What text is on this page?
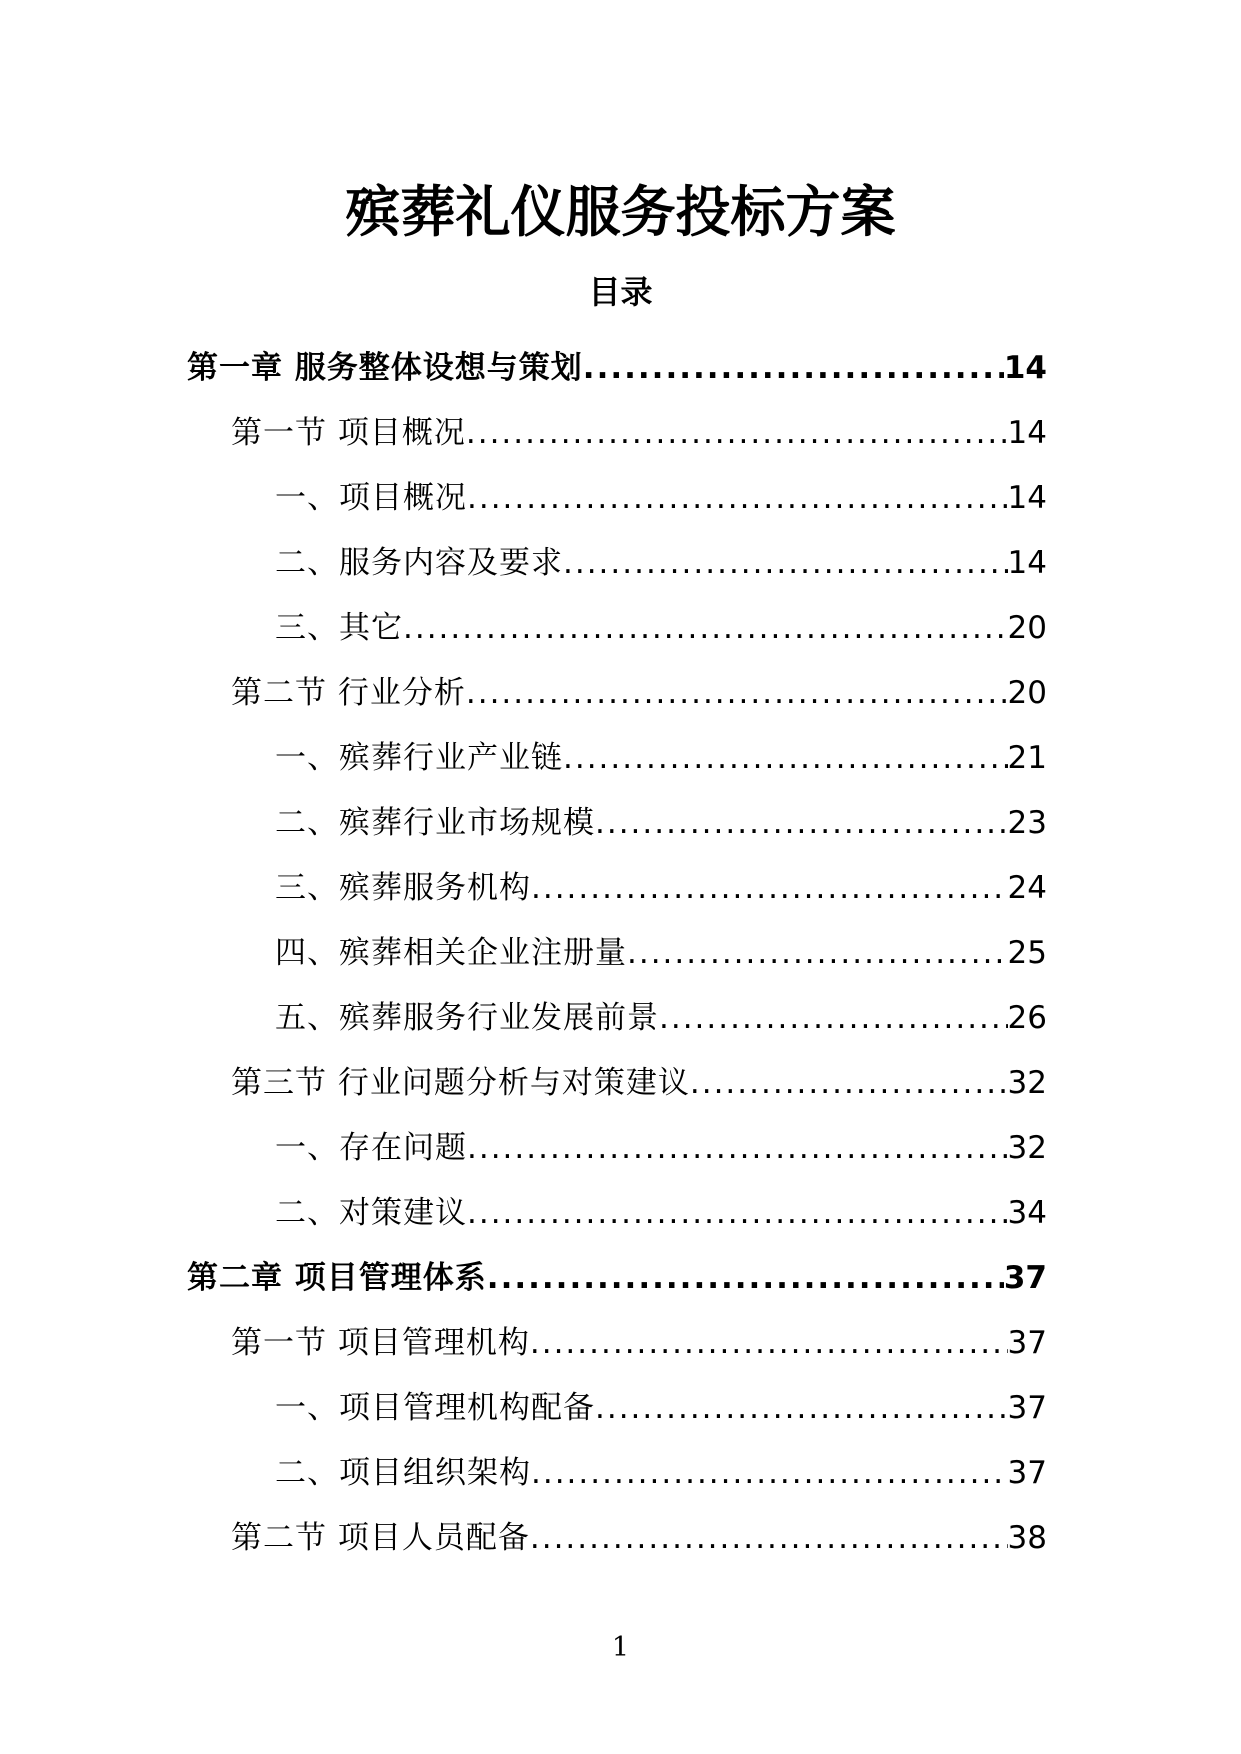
殡葬礼仪服务投标方案
目录
第一章 服务整体设想与策划 .....	14
第一节 项目概况 .....	14
一、项目概况 .....	14
二、服务内容及要求 .....	14
三、其它 .....	20
第二节 行业分析 .....	20
一、殡葬行业产业链 .....	21
二、殡葬行业市场规模 .....	23
三、殡葬服务机构 .....	24
四、殡葬相关企业注册量 .....	25
五、殡葬服务行业发展前景 .....	26
第三节 行业问题分析与对策建议 .....	32
一、存在问题 .....	32
二、对策建议 .....	34
第二章 项目管理体系 .....	37
第一节 项目管理机构 .....	37
一、项目管理机构配备 .....	37
二、项目组织架构 .....	37
第二节 项目人员配备 .....	38
1
